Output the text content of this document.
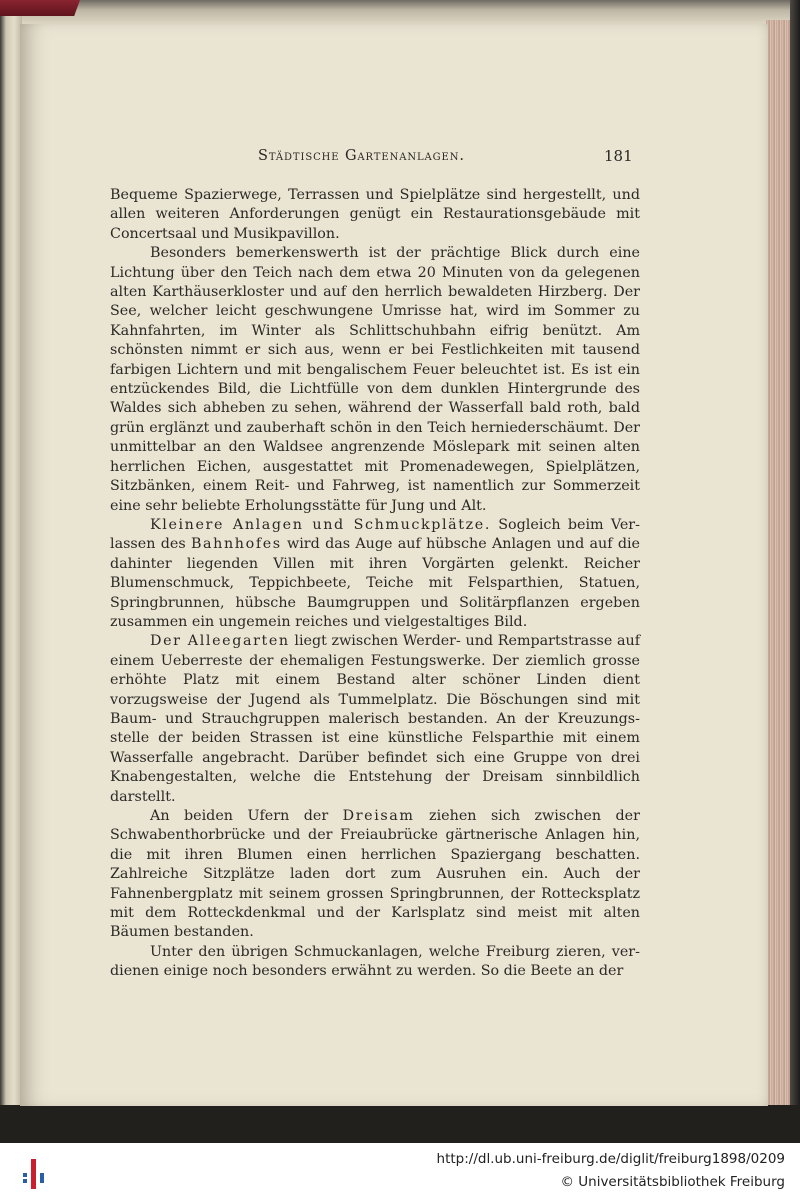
Städtische Gartenanlagen.	181

Bequeme Spazierwege, Terrassen und Spielplätze sind hergestellt, und allen weiteren Anforderungen genügt ein Restaurationsgebäude mit Concertsaal und Musikpavillon.

Besonders bemerkenswerth ist der prächtige Blick durch eine Lichtung über den Teich nach dem etwa 20 Minuten von da gelegenen alten Karthäuserkloster und auf den herrlich bewaldeten Hirzberg. Der See, welcher leicht geschwungene Umrisse hat, wird im Sommer zu Kahnfahrten, im Winter als Schlittschuhbahn eifrig benützt. Am schönsten nimmt er sich aus, wenn er bei Festlichkeiten mit tausend farbigen Lichtern und mit bengalischem Feuer beleuchtet ist. Es ist ein entzückendes Bild, die Lichtfülle von dem dunklen Hintergrunde des Waldes sich abheben zu sehen, während der Wasserfall bald roth, bald grün erglänzt und zauberhaft schön in den Teich herniederschäumt. Der unmittelbar an den Waldsee angrenzende Möslepark mit seinen alten herrlichen Eichen, ausgestattet mit Promenadewegen, Spielplätzen, Sitzbänken, einem Reit- und Fahrweg, ist namentlich zur Sommerzeit eine sehr beliebte Erholungsstätte für Jung und Alt.

Kleinere Anlagen und Schmuckplätze. Sogleich beim Verlassen des Bahnhofes wird das Auge auf hübsche Anlagen und auf die dahinter liegenden Villen mit ihren Vorgärten gelenkt. Reicher Blumenschmuck, Teppichbeete, Teiche mit Felsparthien, Statuen, Springbrunnen, hübsche Baumgruppen und Solitärpflanzen ergeben zusammen ein ungemein reiches und vielgestaltiges Bild.

Der Alleegarten liegt zwischen Werder- und Rempartstrasse auf einem Ueberreste der ehemaligen Festungswerke. Der ziemlich grosse erhöhte Platz mit einem Bestand alter schöner Linden dient vorzugsweise der Jugend als Tummelplatz. Die Böschungen sind mit Baum- und Strauchgruppen malerisch bestanden. An der Kreuzungsstelle der beiden Strassen ist eine künstliche Felsparthie mit einem Wasserfalle angebracht. Darüber befindet sich eine Gruppe von drei Knabengestalten, welche die Entstehung der Dreisam sinnbildlich darstellt.

An beiden Ufern der Dreisam ziehen sich zwischen der Schwabenthorbrücke und der Freiaubrücke gärtnerische Anlagen hin, die mit ihren Blumen einen herrlichen Spaziergang beschatten. Zahlreiche Sitzplätze laden dort zum Ausruhen ein. Auch der Fahnenbergplatz mit seinem grossen Springbrunnen, der Rottecksplatz mit dem Rotteckdenkmal und der Karlsplatz sind meist mit alten Bäumen bestanden.

Unter den übrigen Schmuckanlagen, welche Freiburg zieren, verdienen einige noch besonders erwähnt zu werden. So die Beete an der

http://dl.ub.uni-freiburg.de/diglit/freiburg1898/0209
© Universitätsbibliothek Freiburg
